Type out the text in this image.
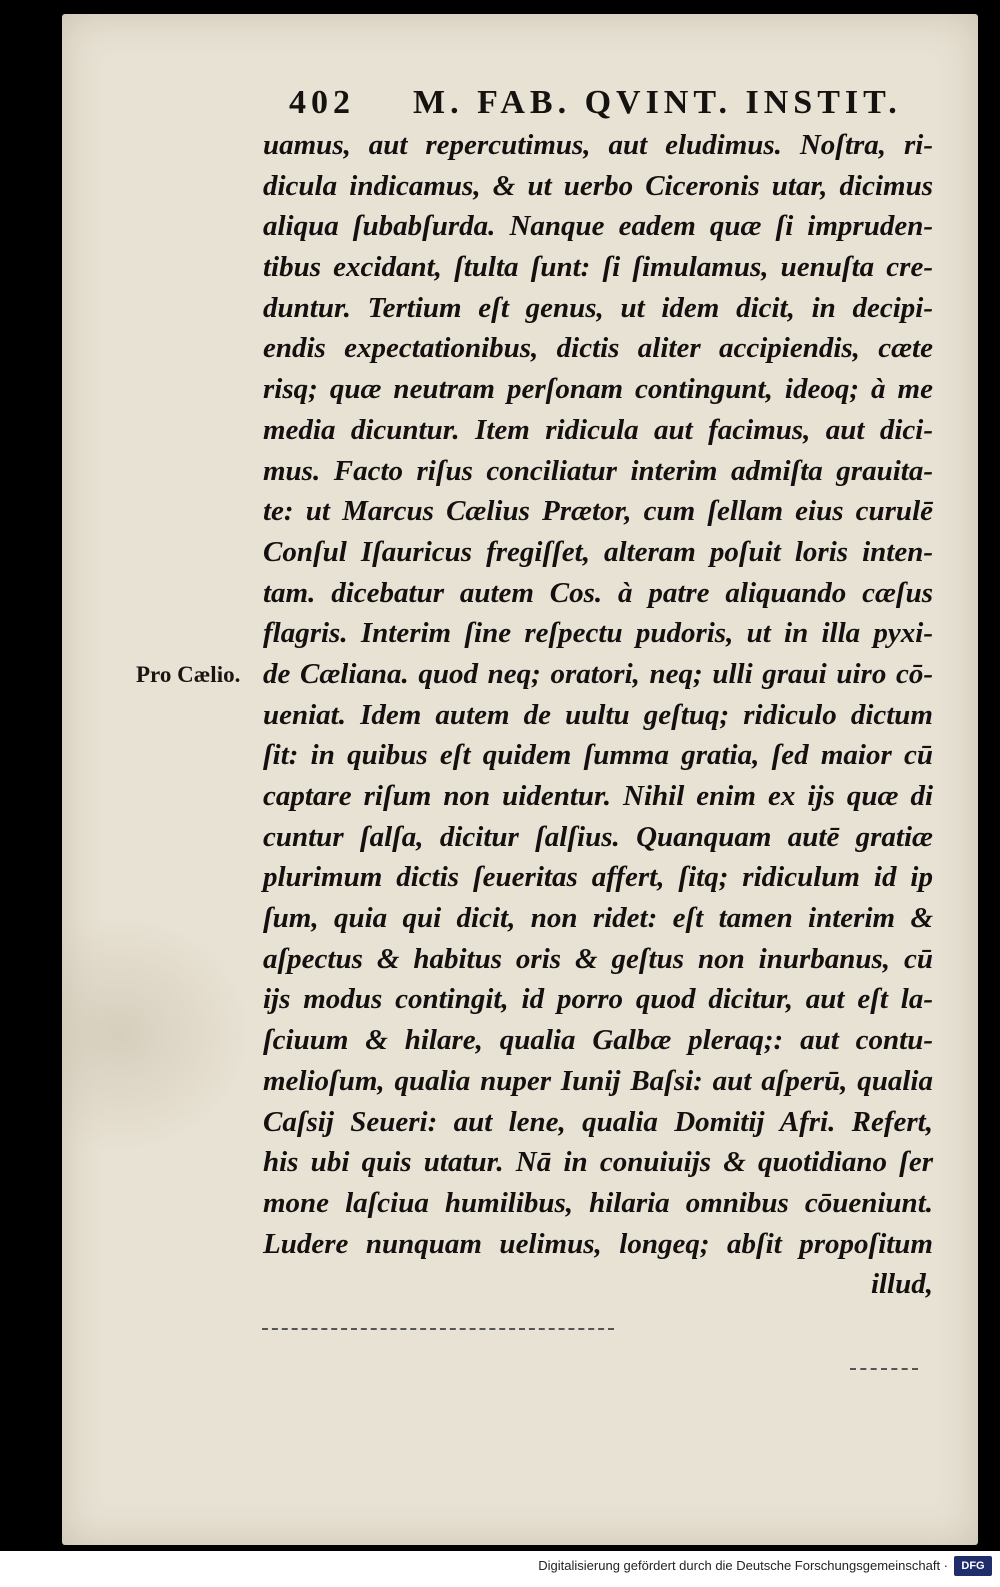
402 M. FAB. QVINT. INSTIT.
Pro Cælio.
uamus, aut repercutimus, aut eludimus. Noſtra, ri-
dicula indicamus, & ut uerbo Ciceronis utar, dicimus
aliqua ſubabſurda. Nanque eadem quæ ſi impruden-
tibus excidant, ſtulta ſunt: ſi ſimulamus, uenuſta cre-
duntur. Tertium eſt genus, ut idem dicit, in decipi-
endis expectationibus, dictis aliter accipiendis, cæte
risq; quæ neutram perſonam contingunt, ideoq; à me
media dicuntur. Item ridicula aut facimus, aut dici-
mus. Facto riſus conciliatur interim admiſta grauita-
te: ut Marcus Cælius Prætor, cum ſellam eius curulē
Conſul Iſauricus fregiſſet, alteram poſuit loris inten-
tam. dicebatur autem Cos. à patre aliquando cæſus
flagris. Interim ſine reſpectu pudoris, ut in illa pyxi-
de Cæliana. quod neq; oratori, neq; ulli graui uiro cō-
ueniat. Idem autem de uultu geſtuq; ridiculo dictum
ſit: in quibus eſt quidem ſumma gratia, ſed maior cū
captare riſum non uidentur. Nihil enim ex ijs quæ di
cuntur ſalſa, dicitur ſalſius. Quanquam autē gratiæ
plurimum dictis ſeueritas affert, ſitq; ridiculum id ip
ſum, quia qui dicit, non ridet: eſt tamen interim &
aſpectus & habitus oris & geſtus non inurbanus, cū
ijs modus contingit, id porro quod dicitur, aut eſt la-
ſciuum & hilare, qualia Galbæ pleraq;: aut contu-
melioſum, qualia nuper Iunij Baſsi: aut aſperū, qualia
Caſsij Seueri: aut lene, qualia Domitij Afri. Refert,
his ubi quis utatur. Nā in conuiuijs & quotidiano ſer
mone laſciua humilibus, hilaria omnibus cōueniunt.
Ludere nunquam uelimus, longeq; abſit propoſitum
illud,
Digitalisierung gefördert durch die Deutsche Forschungsgemeinschaft ·	DFG
